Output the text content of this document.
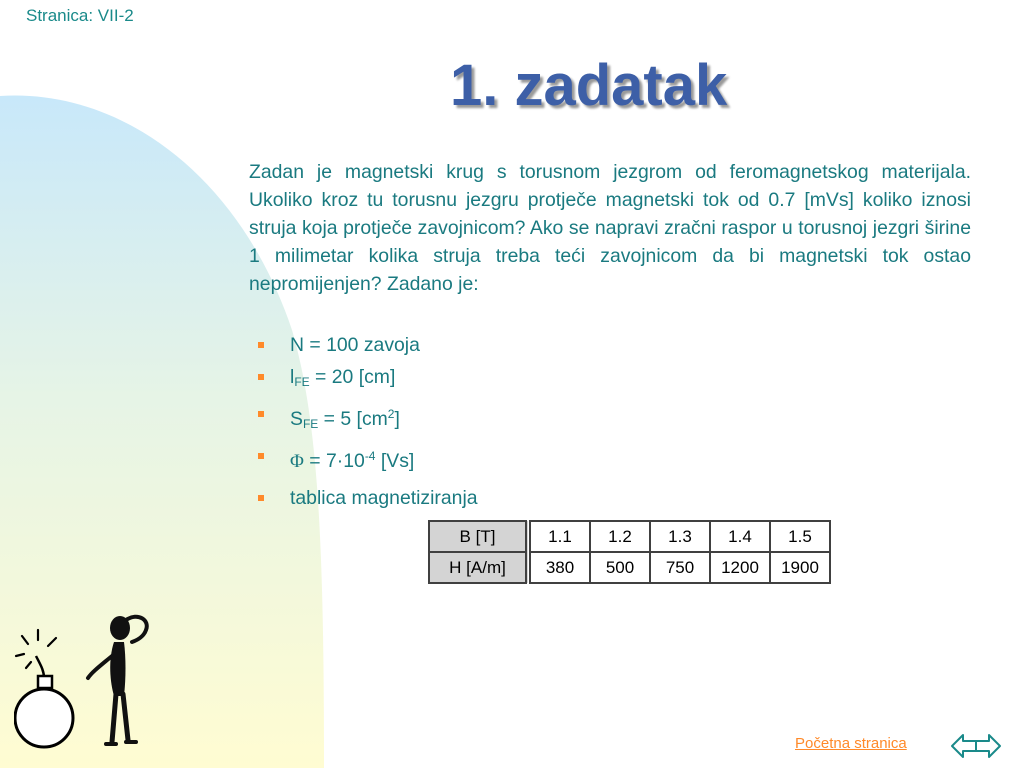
Stranica: VII-2
1. zadatak

Zadan je magnetski krug s torusnom jezgrom od feromagnetskog materijala. Ukoliko kroz tu torusnu jezgru protječe magnetski tok od 0.7 [mVs] koliko iznosi struja koja protječe zavojnicom? Ako se napravi zračni raspor u torusnoj jezgri širine 1 milimetar kolika struja treba teći zavojnicom da bi magnetski tok ostao nepromijenjen? Zadano je:

N = 100 zavoja
$l_{FE} = 20$ [cm]
$S_{FE} = 5$ $[cm^2]$
$\Phi = 7\cdot 10^{-4}$ [Vs]
tablica magnetiziranja
B [T]	1.1	1.2	1.3	1.4	1.5
H [A/m]	380	500	750	1200	1900
Početna stranica
